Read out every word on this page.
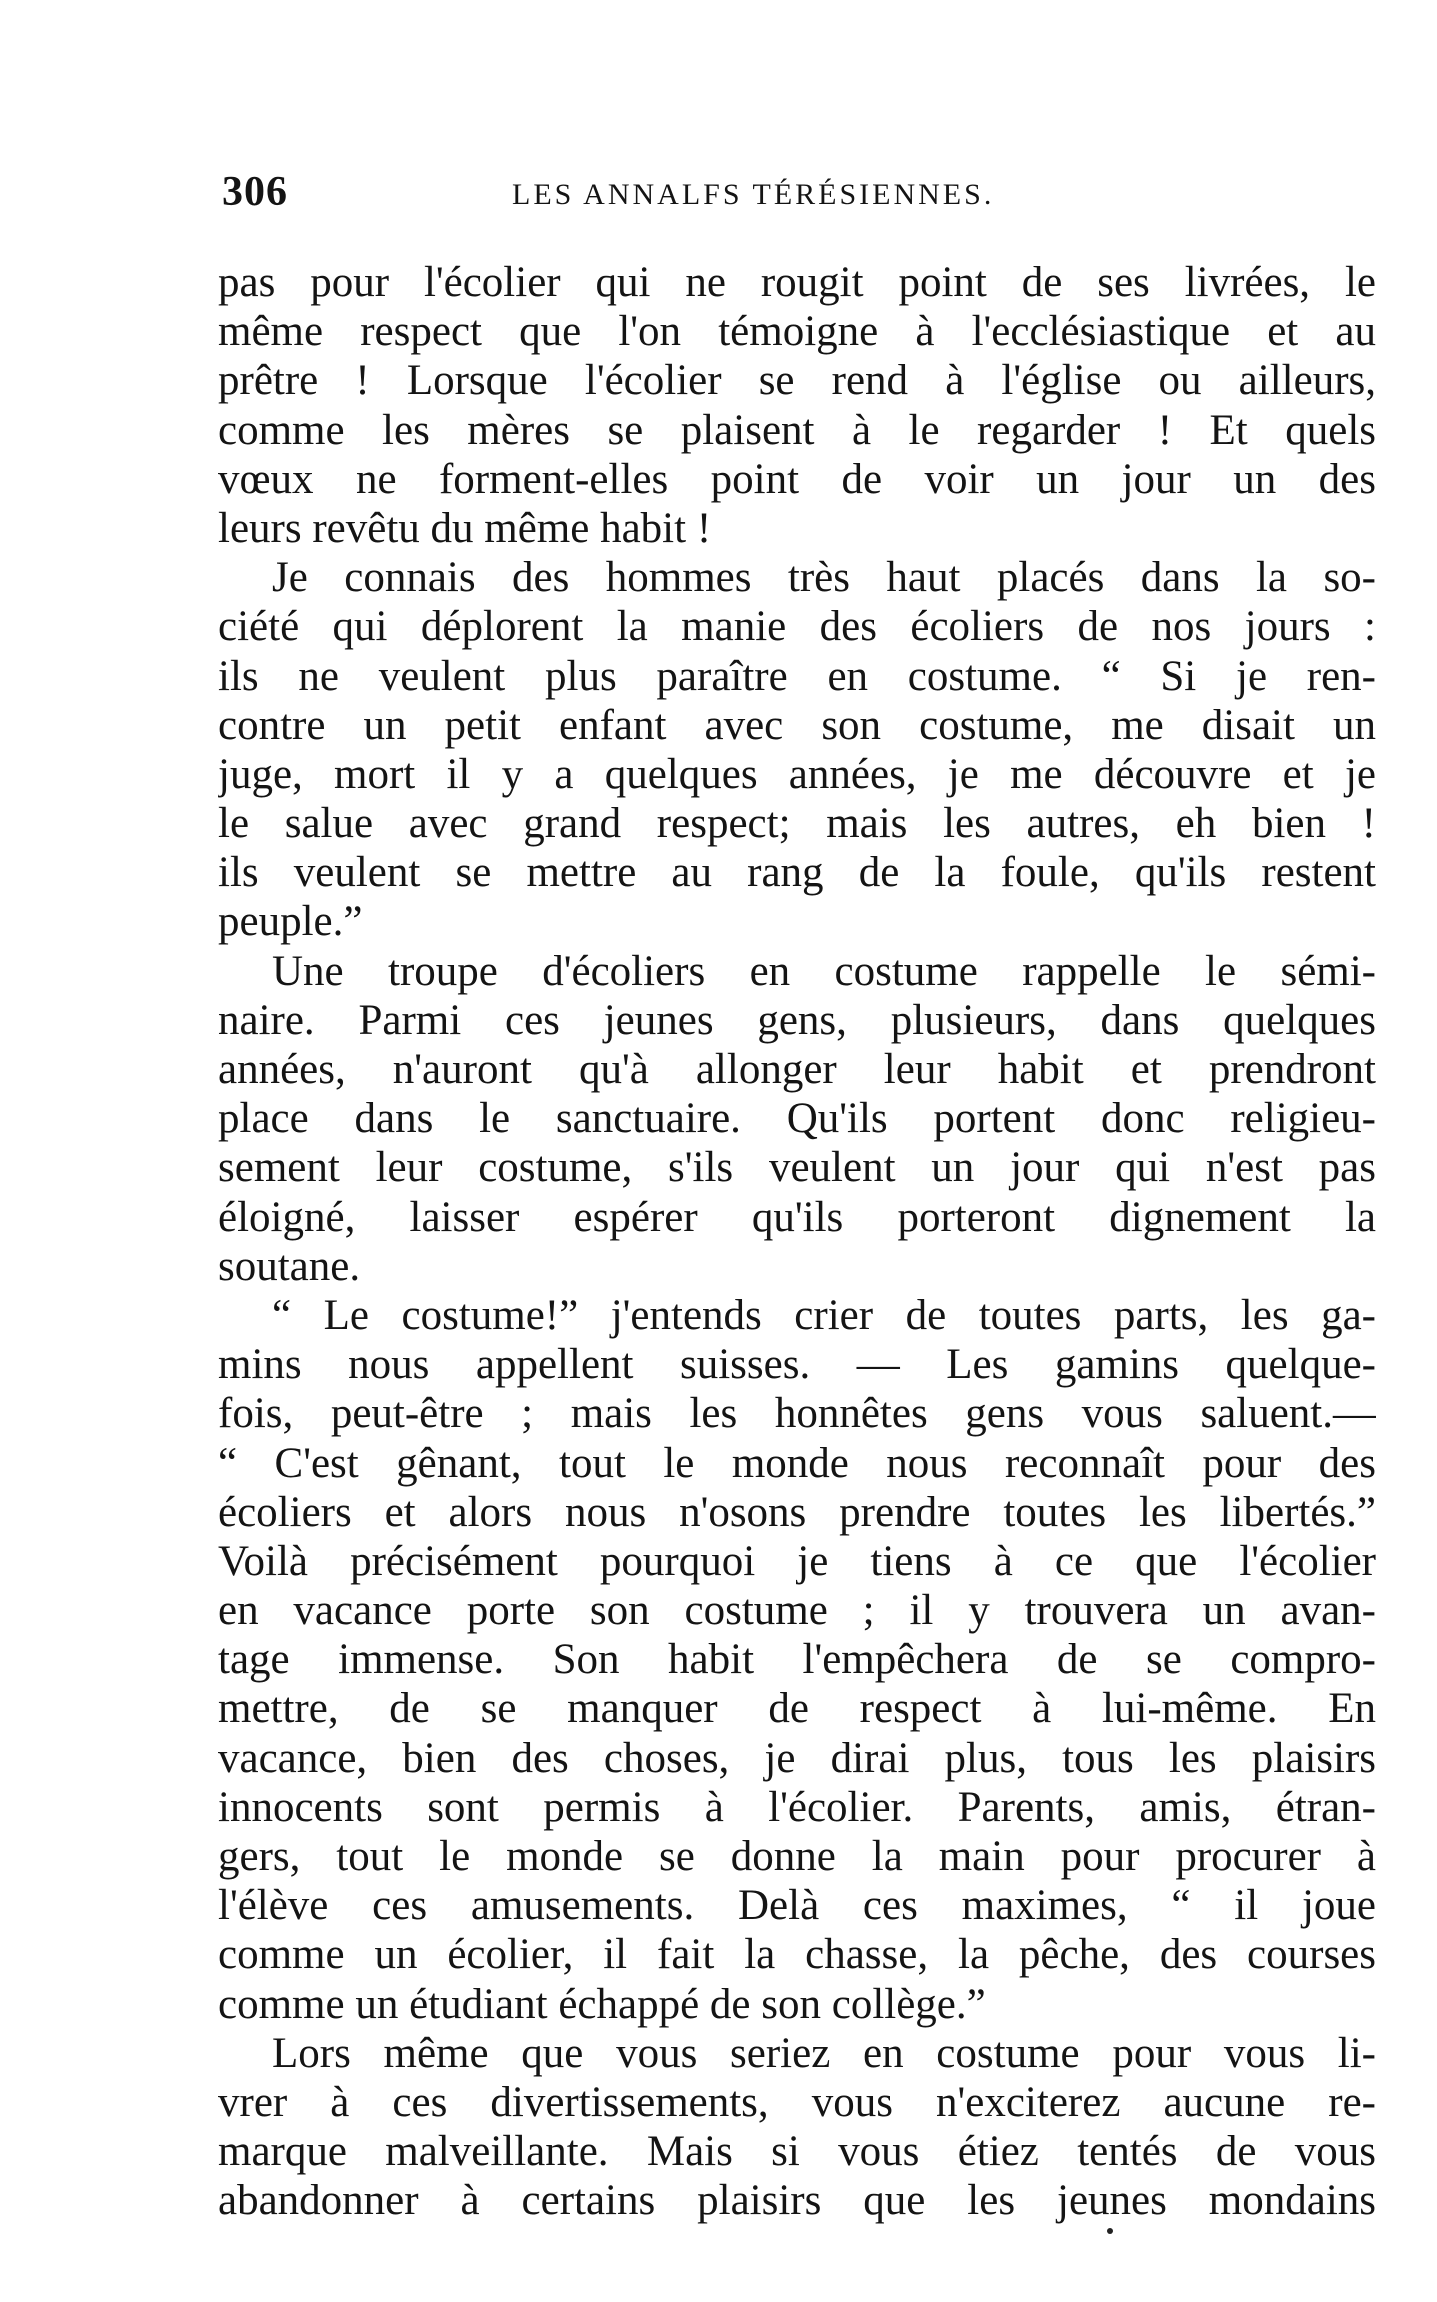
306	LES ANNALFS TÉRÉSIENNES.
pas pour l'écolier qui ne rougit point de ses livrées, le
même respect que l'on témoigne à l'ecclésiastique et au
prêtre ! Lorsque l'écolier se rend à l'église ou ailleurs,
comme les mères se plaisent à le regarder ! Et quels
vœux ne forment-elles point de voir un jour un des
leurs revêtu du même habit !
Je connais des hommes très haut placés dans la so-
ciété qui déplorent la manie des écoliers de nos jours :
ils ne veulent plus paraître en costume. “ Si je ren-
contre un petit enfant avec son costume, me disait un
juge, mort il y a quelques années, je me découvre et je
le salue avec grand respect; mais les autres, eh bien !
ils veulent se mettre au rang de la foule, qu'ils restent
peuple.”
Une troupe d'écoliers en costume rappelle le sémi-
naire. Parmi ces jeunes gens, plusieurs, dans quelques
années, n'auront qu'à allonger leur habit et prendront
place dans le sanctuaire. Qu'ils portent donc religieu-
sement leur costume, s'ils veulent un jour qui n'est pas
éloigné, laisser espérer qu'ils porteront dignement la
soutane.
“ Le costume!” j'entends crier de toutes parts, les ga-
mins nous appellent suisses. — Les gamins quelque-
fois, peut-être ; mais les honnêtes gens vous saluent.—
“ C'est gênant, tout le monde nous reconnaît pour des
écoliers et alors nous n'osons prendre toutes les libertés.”
Voilà précisément pourquoi je tiens à ce que l'écolier
en vacance porte son costume ; il y trouvera un avan-
tage immense. Son habit l'empêchera de se compro-
mettre, de se manquer de respect à lui-même. En
vacance, bien des choses, je dirai plus, tous les plaisirs
innocents sont permis à l'écolier. Parents, amis, étran-
gers, tout le monde se donne la main pour procurer à
l'élève ces amusements. Delà ces maximes, “ il joue
comme un écolier, il fait la chasse, la pêche, des courses
comme un étudiant échappé de son collège.”
Lors même que vous seriez en costume pour vous li-
vrer à ces divertissements, vous n'exciterez aucune re-
marque malveillante. Mais si vous étiez tentés de vous
abandonner à certains plaisirs que les jeunes mondains
